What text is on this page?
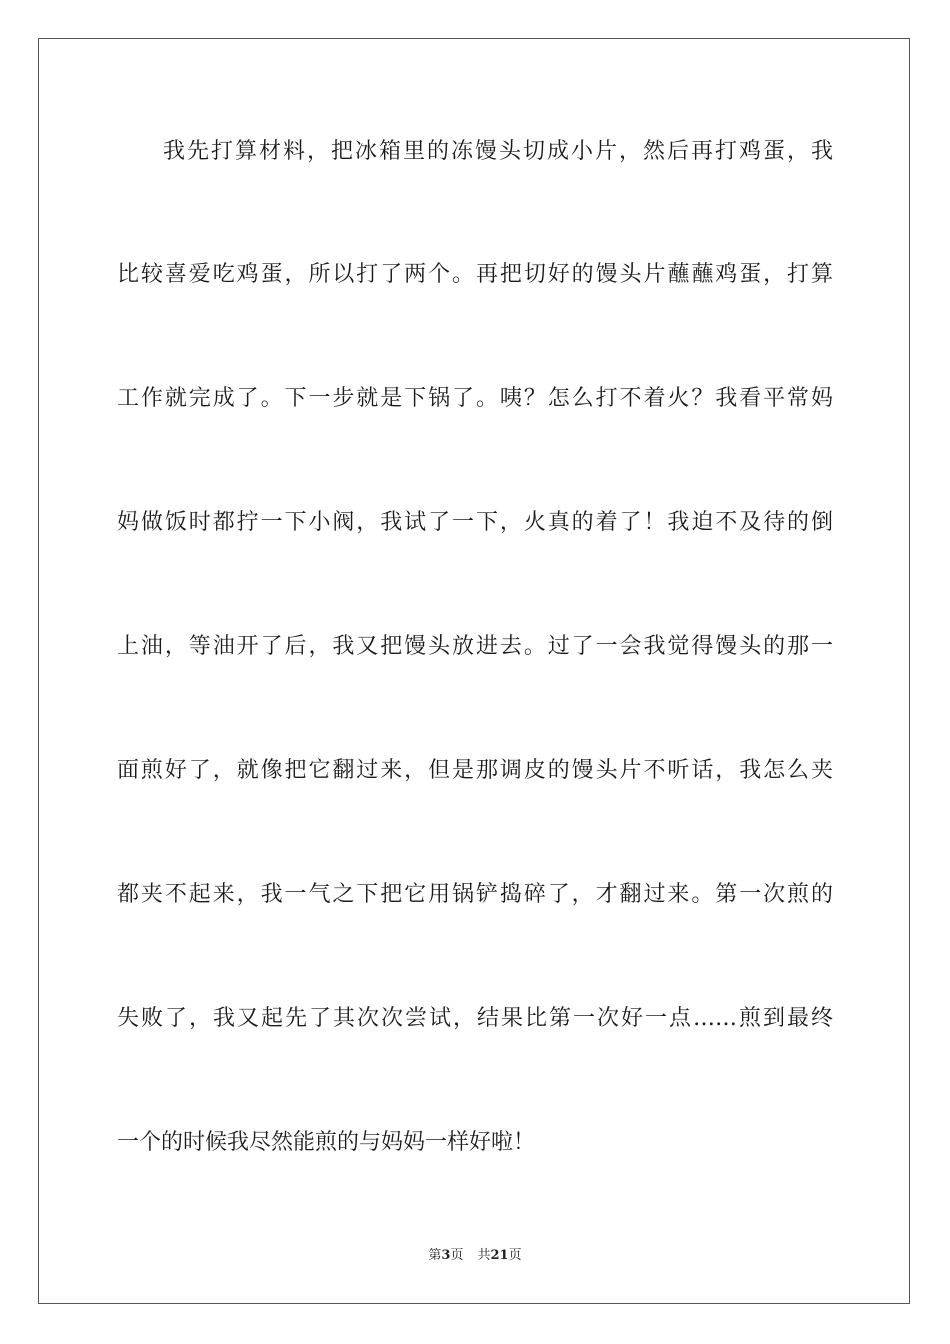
我先打算材料，把冰箱里的冻馒头切成小片，然后再打鸡蛋，我
比较喜爱吃鸡蛋，所以打了两个。再把切好的馒头片蘸蘸鸡蛋，打算
工作就完成了。下一步就是下锅了。咦？怎么打不着火？我看平常妈
妈做饭时都拧一下小阀，我试了一下，火真的着了！我迫不及待的倒
上油，等油开了后，我又把馒头放进去。过了一会我觉得馒头的那一
面煎好了，就像把它翻过来，但是那调皮的馒头片不听话，我怎么夹
都夹不起来，我一气之下把它用锅铲捣碎了，才翻过来。第一次煎的
失败了，我又起先了其次次尝试，结果比第一次好一点……煎到最终
一个的时候我尽然能煎的与妈妈一样好啦！
第3页 共21页
